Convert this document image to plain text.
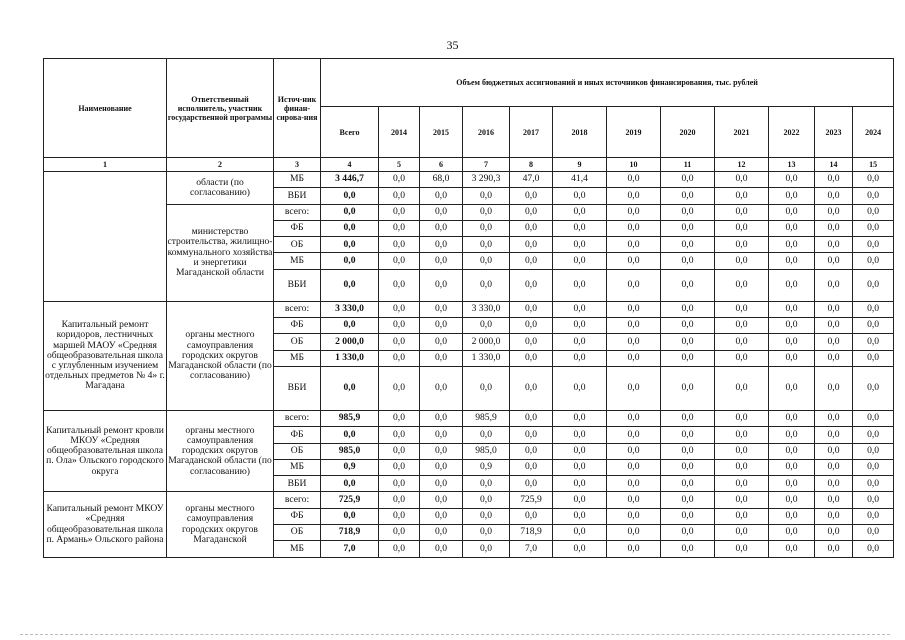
35
Наименование	Ответственный исполнитель, участник государственной программы	Источ-ник финан-сирова-ния	Объем бюджетных ассигнований и иных источников финансирования, тыс. рублей											
			Всего	2014	2015	2016	2017	2018	2019	2020	2021	2022	2023	2024
1	2	3	4	5	6	7	8	9	10	11	12	13	14	15
	области (по согласованию)	МБ	3 446,7	0,0	68,0	3 290,3	47,0	41,4	0,0	0,0	0,0	0,0	0,0	0,0
		ВБИ	0,0	0,0	0,0	0,0	0,0	0,0	0,0	0,0	0,0	0,0	0,0	0,0
	министерство строительства, жилищно-коммунального хозяйства и энергетики Магаданской области	всего:	0,0	0,0	0,0	0,0	0,0	0,0	0,0	0,0	0,0	0,0	0,0	0,0
		ФБ	0,0	0,0	0,0	0,0	0,0	0,0	0,0	0,0	0,0	0,0	0,0	0,0
		ОБ	0,0	0,0	0,0	0,0	0,0	0,0	0,0	0,0	0,0	0,0	0,0	0,0
		МБ	0,0	0,0	0,0	0,0	0,0	0,0	0,0	0,0	0,0	0,0	0,0	0,0
		ВБИ	0,0	0,0	0,0	0,0	0,0	0,0	0,0	0,0	0,0	0,0	0,0	0,0
Капитальный ремонт коридоров, лестничных маршей МАОУ «Средняя общеобразовательная школа с углубленным изучением отдельных предметов № 4» г. Магадана	органы местного самоуправления городских округов Магаданской области (по согласованию)	всего:	3 330,0	0,0	0,0	3 330,0	0,0	0,0	0,0	0,0	0,0	0,0	0,0	0,0
		ФБ	0,0	0,0	0,0	0,0	0,0	0,0	0,0	0,0	0,0	0,0	0,0	0,0
		ОБ	2 000,0	0,0	0,0	2 000,0	0,0	0,0	0,0	0,0	0,0	0,0	0,0	0,0
		МБ	1 330,0	0,0	0,0	1 330,0	0,0	0,0	0,0	0,0	0,0	0,0	0,0	0,0
		ВБИ	0,0	0,0	0,0	0,0	0,0	0,0	0,0	0,0	0,0	0,0	0,0	0,0
Капитальный ремонт кровли МКОУ «Средняя общеобразовательная школа п. Ола» Ольского городского округа	органы местного самоуправления городских округов Магаданской области (по согласованию)	всего:	985,9	0,0	0,0	985,9	0,0	0,0	0,0	0,0	0,0	0,0	0,0	0,0
		ФБ	0,0	0,0	0,0	0,0	0,0	0,0	0,0	0,0	0,0	0,0	0,0	0,0
		ОБ	985,0	0,0	0,0	985,0	0,0	0,0	0,0	0,0	0,0	0,0	0,0	0,0
		МБ	0,9	0,0	0,0	0,9	0,0	0,0	0,0	0,0	0,0	0,0	0,0	0,0
		ВБИ	0,0	0,0	0,0	0,0	0,0	0,0	0,0	0,0	0,0	0,0	0,0	0,0
Капитальный ремонт МКОУ «Средняя общеобразовательная школа п. Армань» Ольского района	органы местного самоуправления городских округов Магаданской	всего:	725,9	0,0	0,0	0,0	725,9	0,0	0,0	0,0	0,0	0,0	0,0	0,0
		ФБ	0,0	0,0	0,0	0,0	0,0	0,0	0,0	0,0	0,0	0,0	0,0	0,0
		ОБ	718,9	0,0	0,0	0,0	718,9	0,0	0,0	0,0	0,0	0,0	0,0	0,0
		МБ	7,0	0,0	0,0	0,0	7,0	0,0	0,0	0,0	0,0	0,0	0,0	0,0
